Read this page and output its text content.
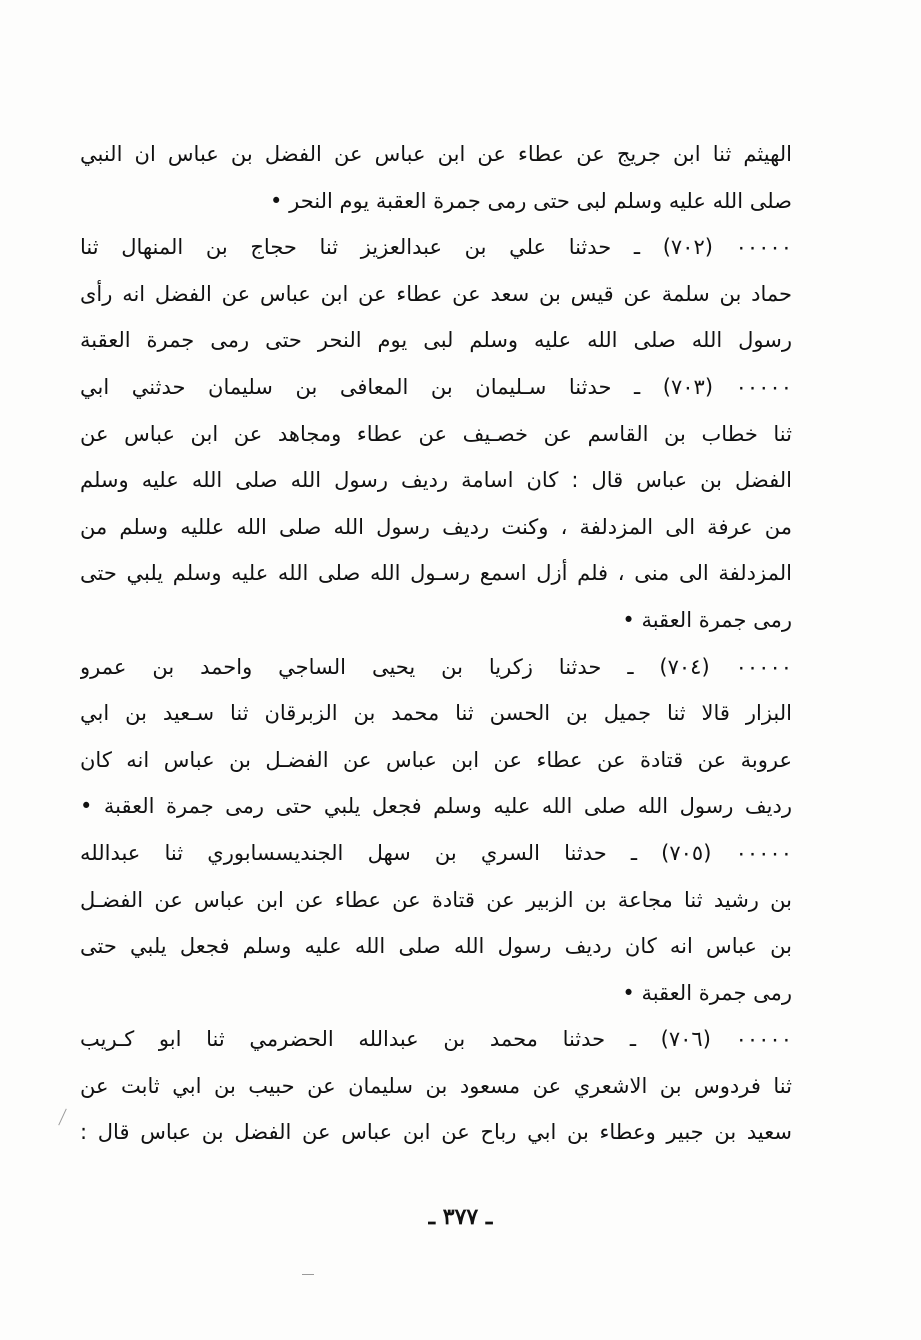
الهيثم ثنا ابن جريج عن عطاء عن ابن عباس عن الفضل بن عباس ان النبي
صلى الله عليه وسلم لبى حتى رمى جمرة العقبة يوم النحر •
٠٠٠٠٠ (٧٠٢) ـ حدثنا علي بن عبدالعزيز ثنا حجاج بن المنهال ثنا
حماد بن سلمة عن قيس بن سعد عن عطاء عن ابن عباس عن الفضل انه رأى
رسول الله صلى الله عليه وسلم لبى يوم النحر حتى رمى جمرة العقبة
٠٠٠٠٠ (٧٠٣) ـ حدثنا سـليمان بن المعافى بن سليمان حدثني ابي
ثنا خطاب بن القاسم عن خصـيف عن عطاء ومجاهد عن ابن عباس عن
الفضل بن عباس قال : كان اسامة رديف رسول الله صلى الله عليه وسلم
من عرفة الى المزدلفة ، وكنت رديف رسول الله صلى الله علليه وسلم من
المزدلفة الى منى ، فلم أزل اسمع رسـول الله صلى الله عليه وسلم يلبي حتى
رمى جمرة العقبة •
٠٠٠٠٠ (٧٠٤) ـ حدثنا زكريا بن يحيى الساجي واحمد بن عمرو
البزار قالا ثنا جميل بن الحسن ثنا محمد بن الزبرقان ثنا سـعيد بن ابي
عروبة عن قتادة عن عطاء عن ابن عباس عن الفضـل بن عباس انه كان
رديف رسول الله صلى الله عليه وسلم فجعل يلبي حتى رمى جمرة العقبة •
٠٠٠٠٠ (٧٠٥) ـ حدثنا السري بن سهل الجنديسسابوري ثنا عبدالله
بن رشيد ثنا مجاعة بن الزبير عن قتادة عن عطاء عن ابن عباس عن الفضـل
بن عباس انه كان رديف رسول الله صلى الله عليه وسلم فجعل يلبي حتى
رمى جمرة العقبة •
٠٠٠٠٠ (٧٠٦) ـ حدثنا محمد بن عبدالله الحضرمي ثنا ابو كـريب
ثنا فردوس بن الاشعري عن مسعود بن سليمان عن حبيب بن ابي ثابت عن
سعيد بن جبير وعطاء بن ابي رباح عن ابن عباس عن الفضل بن عباس قال :
ـ ٣٧٧ ـ
